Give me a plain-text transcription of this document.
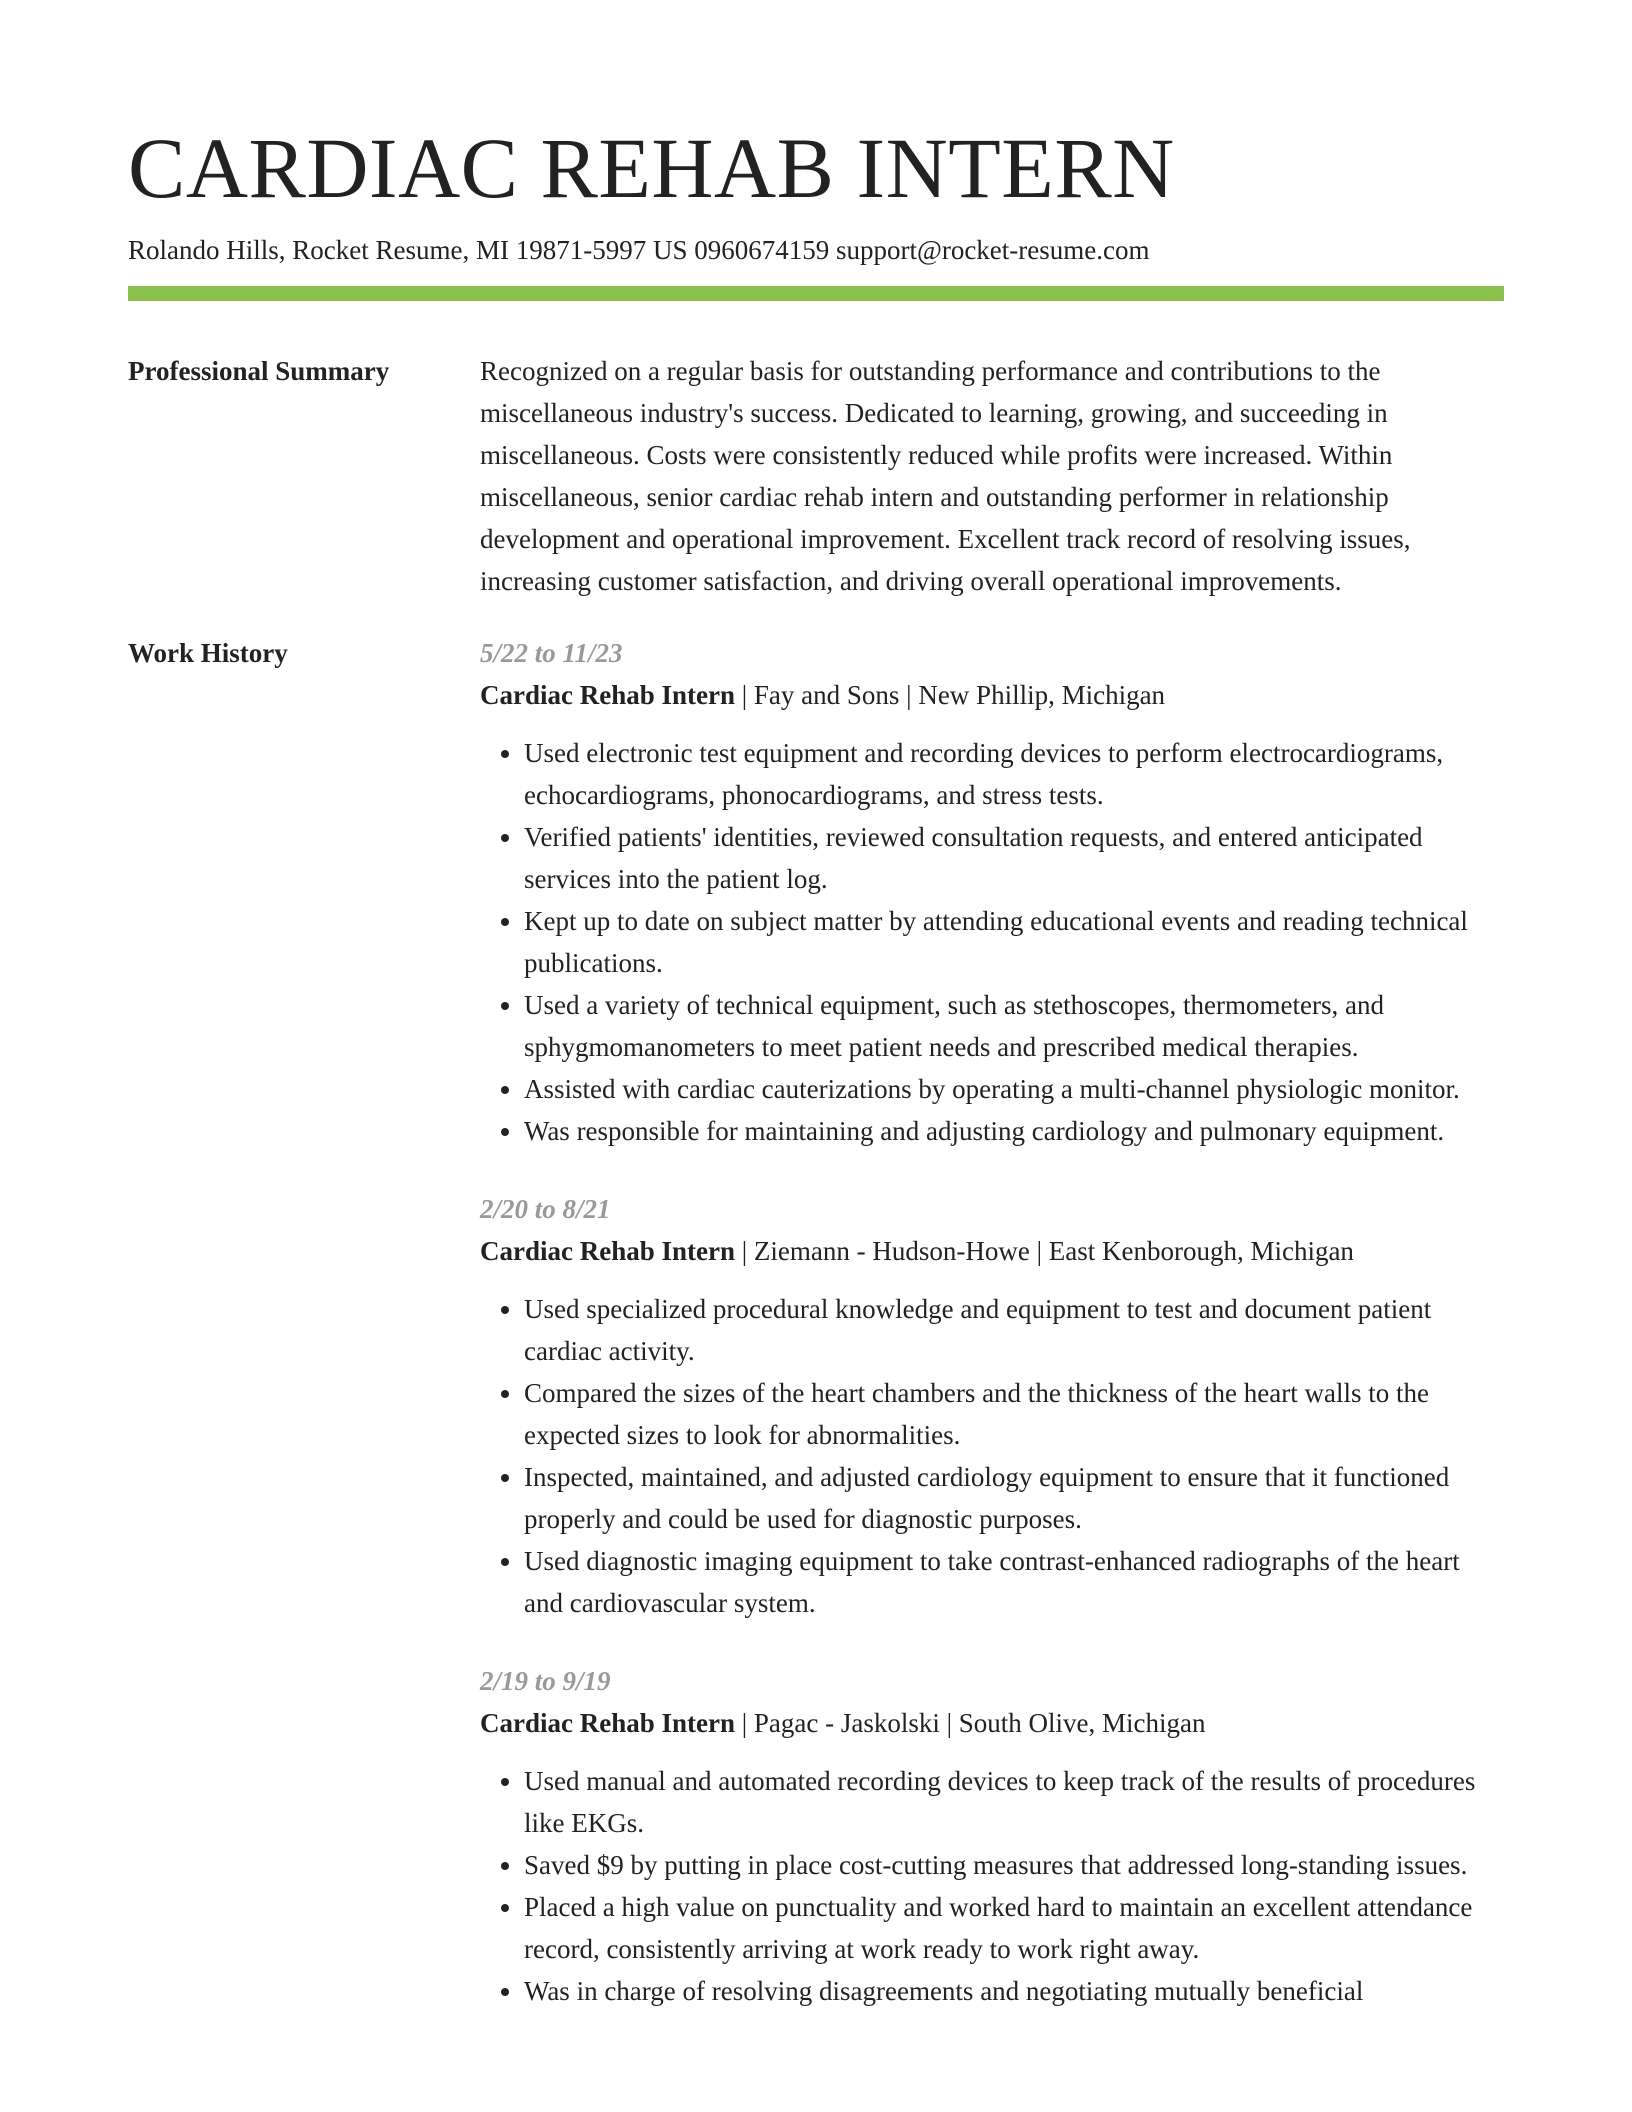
CARDIAC REHAB INTERN
Rolando Hills, Rocket Resume, MI 19871-5997 US 0960674159 support@rocket-resume.com
Professional Summary	Recognized on a regular basis for outstanding performance and contributions to the miscellaneous industry's success. Dedicated to learning, growing, and succeeding in miscellaneous. Costs were consistently reduced while profits were increased. Within miscellaneous, senior cardiac rehab intern and outstanding performer in relationship development and operational improvement. Excellent track record of resolving issues, increasing customer satisfaction, and driving overall operational improvements.

Work History	5/22 to 11/23
Cardiac Rehab Intern | Fay and Sons | New Phillip, Michigan
• Used electronic test equipment and recording devices to perform electrocardiograms, echocardiograms, phonocardiograms, and stress tests.
• Verified patients' identities, reviewed consultation requests, and entered anticipated services into the patient log.
• Kept up to date on subject matter by attending educational events and reading technical publications.
• Used a variety of technical equipment, such as stethoscopes, thermometers, and sphygmomanometers to meet patient needs and prescribed medical therapies.
• Assisted with cardiac cauterizations by operating a multi-channel physiologic monitor.
• Was responsible for maintaining and adjusting cardiology and pulmonary equipment.
2/20 to 8/21
Cardiac Rehab Intern | Ziemann - Hudson-Howe | East Kenborough, Michigan
• Used specialized procedural knowledge and equipment to test and document patient cardiac activity.
• Compared the sizes of the heart chambers and the thickness of the heart walls to the expected sizes to look for abnormalities.
• Inspected, maintained, and adjusted cardiology equipment to ensure that it functioned properly and could be used for diagnostic purposes.
• Used diagnostic imaging equipment to take contrast-enhanced radiographs of the heart and cardiovascular system.
2/19 to 9/19
Cardiac Rehab Intern | Pagac - Jaskolski | South Olive, Michigan
• Used manual and automated recording devices to keep track of the results of procedures like EKGs.
• Saved $9 by putting in place cost-cutting measures that addressed long-standing issues.
• Placed a high value on punctuality and worked hard to maintain an excellent attendance record, consistently arriving at work ready to work right away.
• Was in charge of resolving disagreements and negotiating mutually beneficial
